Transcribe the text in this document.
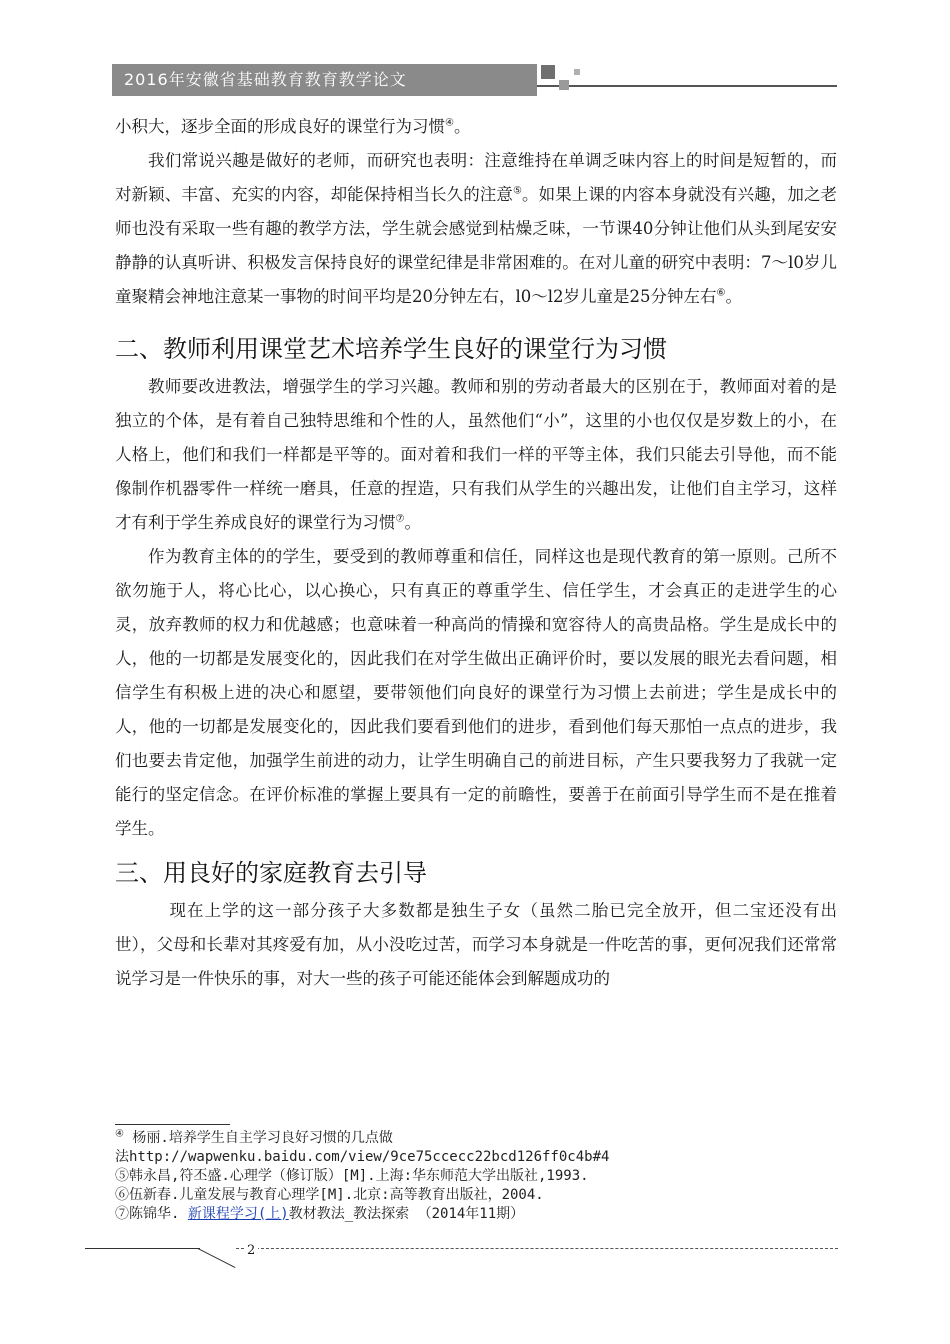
2016年安徽省基础教育教育教学论文

小积大，逐步全面的形成良好的课堂行为习惯④。

我们常说兴趣是做好的老师，而研究也表明：注意维持在单调乏味内容上的时间是短暂的，而对新颖、丰富、充实的内容，却能保持相当长久的注意⑤。如果上课的内容本身就没有兴趣，加之老师也没有采取一些有趣的教学方法，学生就会感觉到枯燥乏味，一节课40分钟让他们从头到尾安安静静的认真听讲、积极发言保持良好的课堂纪律是非常困难的。在对儿童的研究中表明：7～l0岁儿童聚精会神地注意某一事物的时间平均是20分钟左右，l0～l2岁儿童是25分钟左右⑥。

二、教师利用课堂艺术培养学生良好的课堂行为习惯

教师要改进教法，增强学生的学习兴趣。教师和别的劳动者最大的区别在于，教师面对着的是独立的个体，是有着自己独特思维和个性的人，虽然他们“小”，这里的小也仅仅是岁数上的小，在人格上，他们和我们一样都是平等的。面对着和我们一样的平等主体，我们只能去引导他，而不能像制作机器零件一样统一磨具，任意的捏造，只有我们从学生的兴趣出发，让他们自主学习，这样才有利于学生养成良好的课堂行为习惯⑦。

作为教育主体的的学生，要受到的教师尊重和信任，同样这也是现代教育的第一原则。己所不欲勿施于人，将心比心，以心换心，只有真正的尊重学生、信任学生，才会真正的走进学生的心灵，放弃教师的权力和优越感；也意味着一种高尚的情操和宽容待人的高贵品格。学生是成长中的人，他的一切都是发展变化的，因此我们在对学生做出正确评价时，要以发展的眼光去看问题，相信学生有积极上进的决心和愿望，要带领他们向良好的课堂行为习惯上去前进；学生是成长中的人，他的一切都是发展变化的，因此我们要看到他们的进步，看到他们每天那怕一点点的进步，我们也要去肯定他，加强学生前进的动力，让学生明确自己的前进目标，产生只要我努力了我就一定能行的坚定信念。在评价标准的掌握上要具有一定的前瞻性，要善于在前面引导学生而不是在推着学生。

三、用良好的家庭教育去引导

现在上学的这一部分孩子大多数都是独生子女（虽然二胎已完全放开，但二宝还没有出世），父母和长辈对其疼爱有加，从小没吃过苦，而学习本身就是一件吃苦的事，更何况我们还常常说学习是一件快乐的事，对大一些的孩子可能还能体会到解题成功的

④ 杨丽.培养学生自主学习良好习惯的几点做
法http://wapwenku.baidu.com/view/9ce75ccecc22bcd126ff0c4b#4
⑤韩永昌,符丕盛.心理学（修订版）[M].上海:华东师范大学出版社,1993.
⑥伍新春.儿童发展与教育心理学[M].北京:高等教育出版社，2004.
⑦陈锦华. 新课程学习(上)教材教法_教法探索 （2014年11期）
2
